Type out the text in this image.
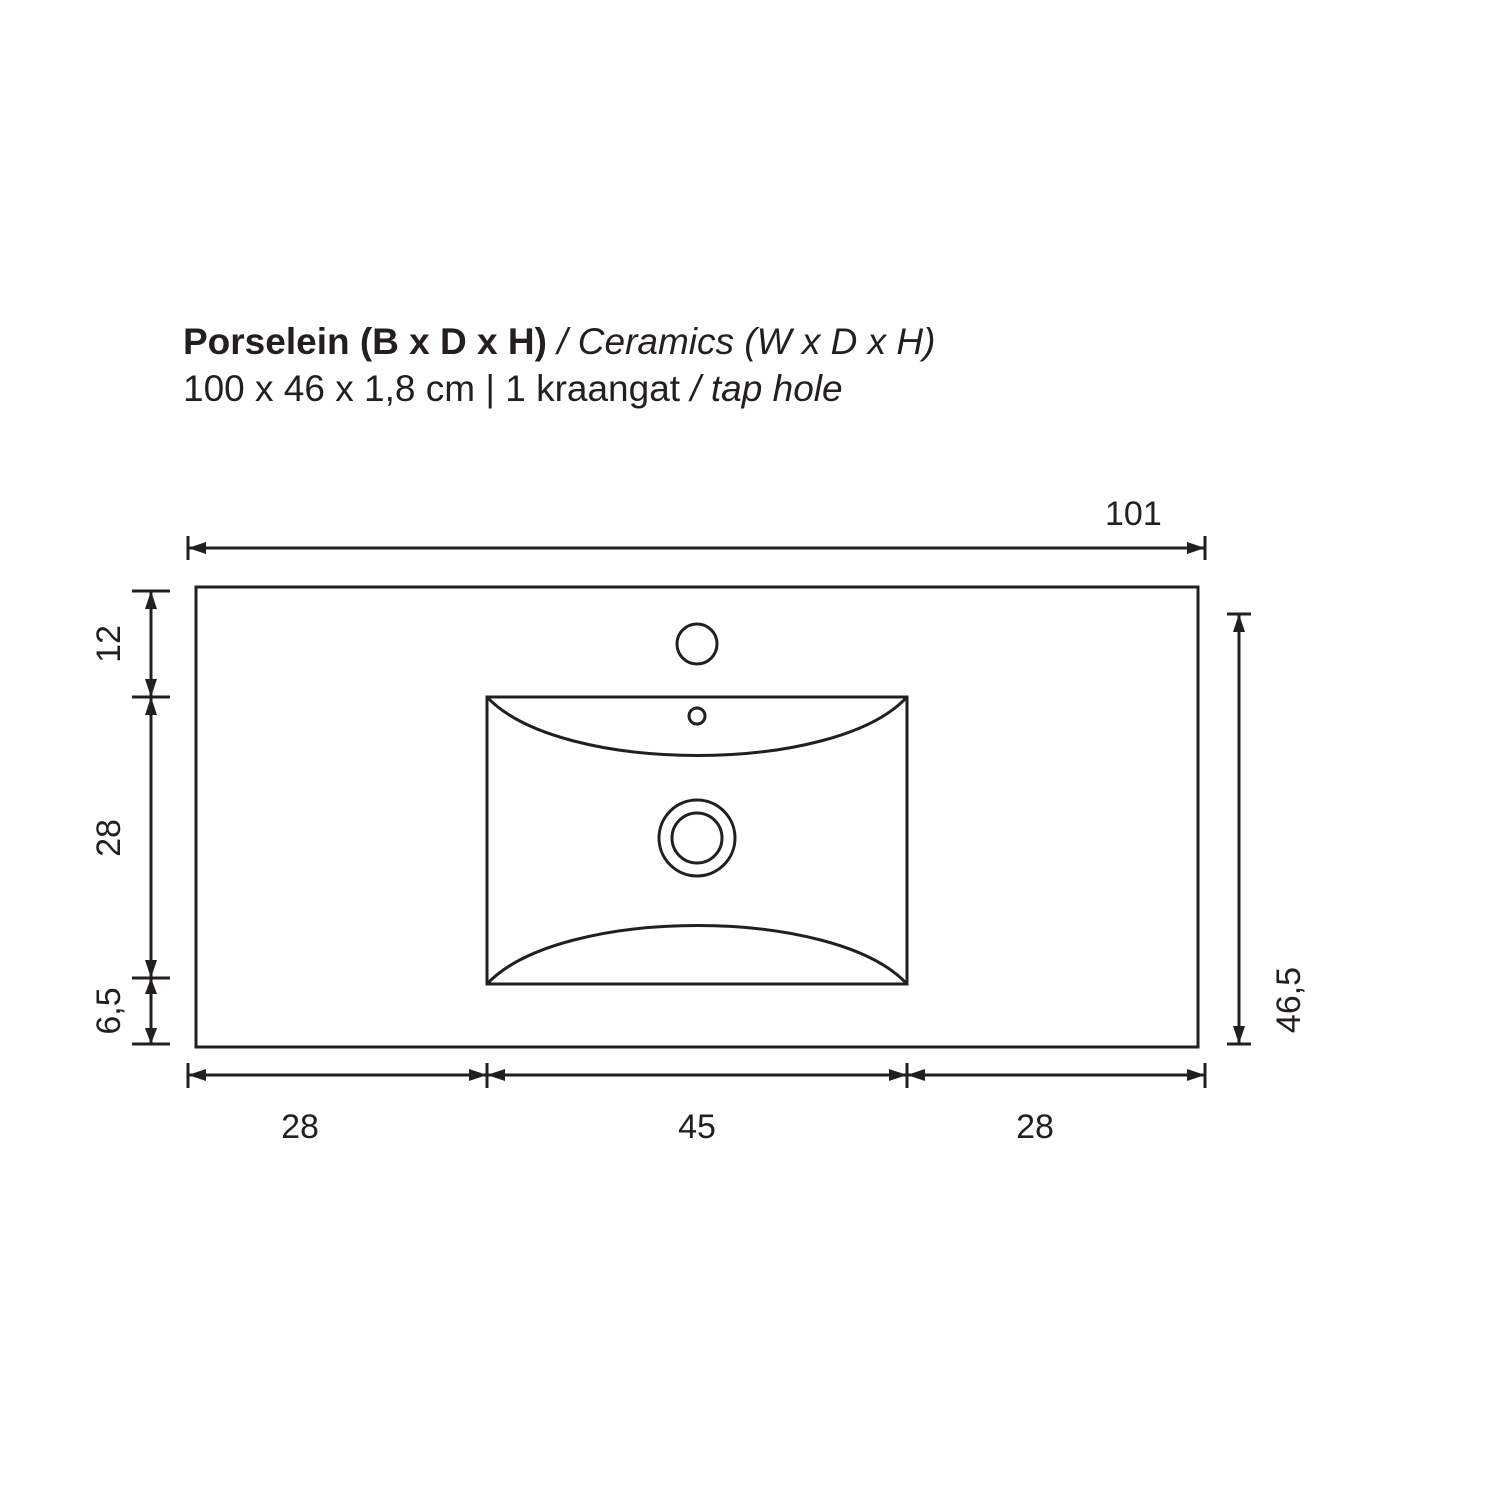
Porselein (B x D x H) / Ceramics (W x D x H)
100 x 46 x 1,8 cm | 1 kraangat / tap hole
101
12
28
6,5	46,5
28	45	28
